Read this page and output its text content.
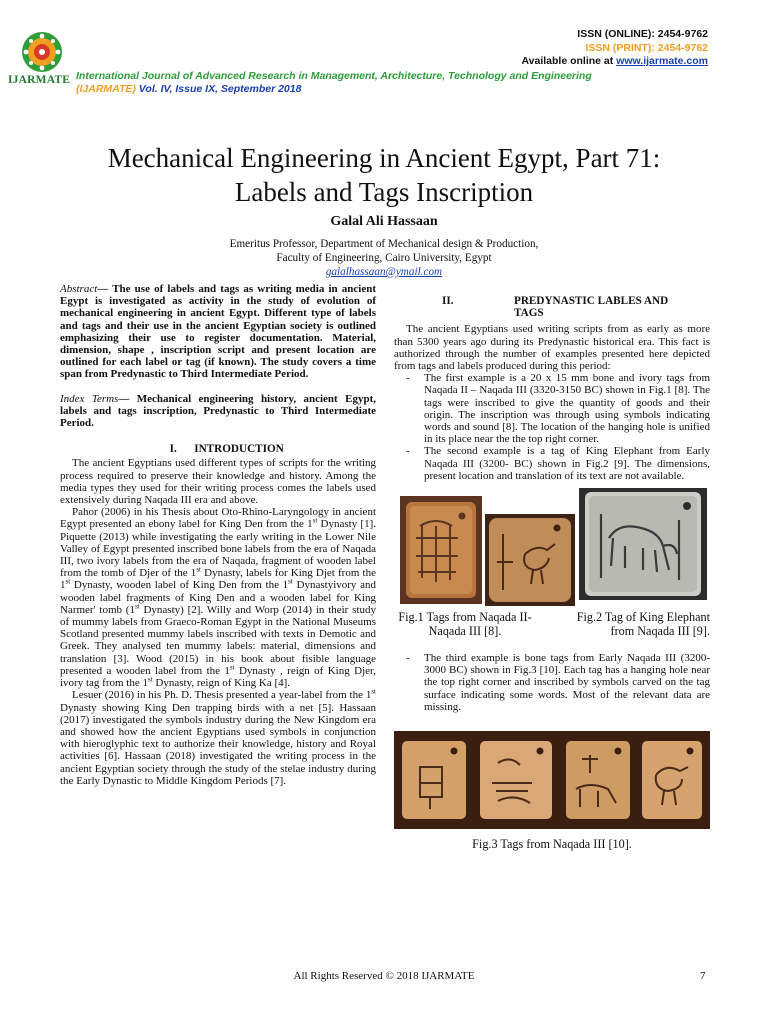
IJARMATE
ISSN (ONLINE): 2454-9762
ISSN (PRINT): 2454-9762
Available online at www.ijarmate.com
International Journal of Advanced Research in Management, Architecture, Technology and Engineering
(IJARMATE) Vol. IV, Issue IX, September 2018
Mechanical Engineering in Ancient Egypt, Part 71:
Labels and Tags Inscription
Galal Ali Hassaan
Emeritus Professor, Department of Mechanical design & Production,
Faculty of Engineering, Cairo University, Egypt
galalhassaan@ymail.com

Abstract— The use of labels and tags as writing media in ancient Egypt is investigated as activity in the study of evolution of mechanical engineering in ancient Egypt. Different type of labels and tags and their use in the ancient Egyptian society is outlined emphasizing their use to register documentation. Material, dimension, shape , inscription script and present location are outlined for each label or tag (if known). The study covers a time span from Predynastic to Third Intermediate Period.

Index Terms— Mechanical engineering history, ancient Egypt, labels and tags inscription, Predynastic to Third Intermediate Period.

I. INTRODUCTION

The ancient Egyptians used different types of scripts for the writing process required to preserve their knowledge and history. Among the media types they used for their writing process comes the labels used extensively during Naqada III era and above.

Pahor (2006) in his Thesis about Oto-Rhino-Laryngology in ancient Egypt presented an ebony label for King Den from the 1st Dynasty [1]. Piquette (2013) while investigating the early writing in the Lower Nile Valley of Egypt presented inscribed bone labels from the era of Naqada III, two ivory labels from the era of Naqada, fragment of wooden label from the tomb of Djer of the 1st Dynasty, labels for King Djet from the 1st Dynasty, wooden label of King Den from the 1st Dynastyivory and wooden label fragments of King Den and a wooden label for King Narmer' tomb (1st Dynasty) [2]. Willy and Worp (2014) in their study of mummy labels from Graeco-Roman Egypt in the National Museums Scotland presented mummy labels inscribed with texts in Demotic and Greek. They analysed ten mummy labels: material, dimensions and translation [3]. Wood (2015) in his book about fisible language presented a wooden label from the 1st Dynasty , reign of King Djer, ivory tag from the 1st Dynasty, reign of King Ka [4].

Lesuer (2016) in his Ph. D. Thesis presented a year-label from the 1st Dynasty showing King Den trapping birds with a net [5]. Hassaan (2017) investigated the symbols industry during the New Kingdom era and showed how the ancient Egyptians used symbols in conjunction with hieroglyphic text to authorize their knowledge, history and Royal activities [6]. Hassaan (2018) investigated the writing process in the ancient Egyptian society through the study of the stelae industry during the Early Dynastic to Middle Kingdom Periods [7].

II.	PREDYNASTIC LABLES AND
TAGS

The ancient Egyptians used writing scripts from as early as more than 5300 years ago during its Predynastic historical era. This fact is authorized through the number of examples presented here depicted from tags and labels produced during this period:

-	The first example is a 20 x 15 mm bone and ivory tags from Naqada II – Naqada III (3320-3150 BC) shown in Fig.1 [8]. The tags were inscribed to give the quantity of goods and their origin. The inscription was through using symbols indicating words and sound [8]. The location of the hanging hole is unified in its place near the the top right corner.
-	The second example is a tag of King Elephant from Early Naqada III (3200- BC) shown in Fig.2 [9]. The dimensions, present location and translation of its text are not available.
Fig.1 Tags from Naqada II-
Naqada III [8].
Fig.2 Tag of King Elephant
from Naqada III [9].
-	The third example is bone tags from Early Naqada III (3200-3000 BC) shown in Fig.3 [10]. Each tag has a hanging hole near the top right corner and inscribed by symbols carved on the tag surface indicating some words. Most of the relevant data are missing.
Fig.3 Tags from Naqada III [10].
All Rights Reserved © 2018 IJARMATE	7
